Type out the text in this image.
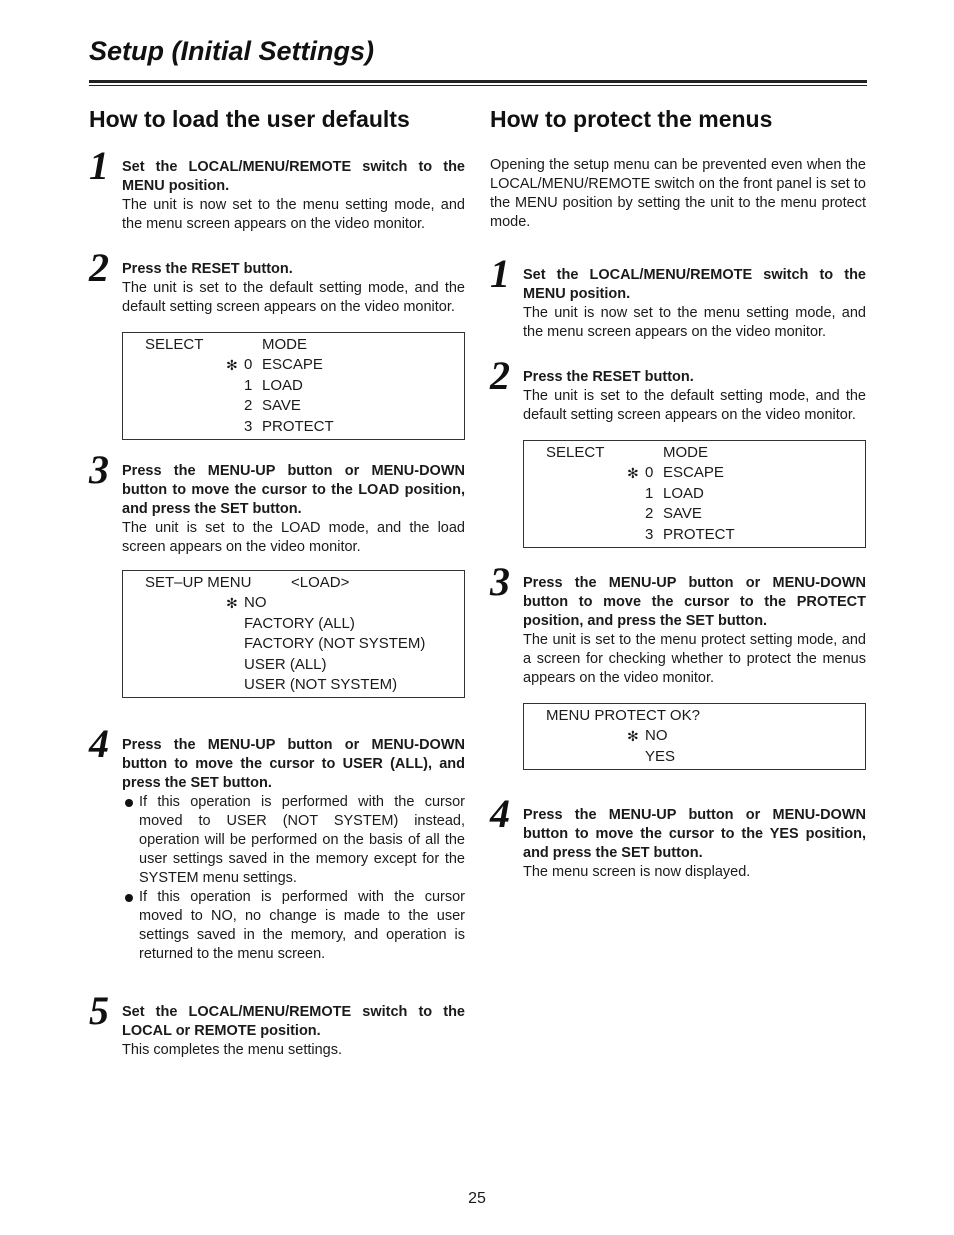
Setup (Initial Settings)
How to load the user defaults
1 Set the LOCAL/MENU/REMOTE switch to the MENU position.

The unit is now set to the menu setting mode, and the menu screen appears on the video monitor.

2 Press the RESET button.

The unit is set to the default setting mode, and the default setting screen appears on the video monitor.

SELECT	MODE
✻ 0 ESCAPE
1 LOAD
2 SAVE
3 PROTECT
3 Press the MENU-UP button or MENU-DOWN button to move the cursor to the LOAD position, and press the SET button.

The unit is set to the LOAD mode, and the load screen appears on the video monitor.

SET–UP MENU	<LOAD>
✻ NO
FACTORY (ALL)
FACTORY (NOT SYSTEM)
USER (ALL)
USER (NOT SYSTEM)
4 Press the MENU-UP button or MENU-DOWN button to move the cursor to USER (ALL), and press the SET button.

If this operation is performed with the cursor moved to USER (NOT SYSTEM) instead, operation will be performed on the basis of all the user settings saved in the memory except for the SYSTEM menu settings.
If this operation is performed with the cursor moved to NO, no change is made to the user settings saved in the memory, and operation is returned to the menu screen.
5 Set the LOCAL/MENU/REMOTE switch to the LOCAL or REMOTE position.

This completes the menu settings.

How to protect the menus

Opening the setup menu can be prevented even when the LOCAL/MENU/REMOTE switch on the front panel is set to the MENU position by setting the unit to the menu protect mode.

1 Set the LOCAL/MENU/REMOTE switch to the MENU position.

The unit is now set to the menu setting mode, and the menu screen appears on the video monitor.

2 Press the RESET button.

The unit is set to the default setting mode, and the default setting screen appears on the video monitor.

SELECT	MODE
✻ 0 ESCAPE
1 LOAD
2 SAVE
3 PROTECT
3 Press the MENU-UP button or MENU-DOWN button to move the cursor to the PROTECT position, and press the SET button.

The unit is set to the menu protect setting mode, and a screen for checking whether to protect the menus appears on the video monitor.

MENU PROTECT OK?
✻ NO
YES
4 Press the MENU-UP button or MENU-DOWN button to move the cursor to the YES position, and press the SET button.

The menu screen is now displayed.

25
